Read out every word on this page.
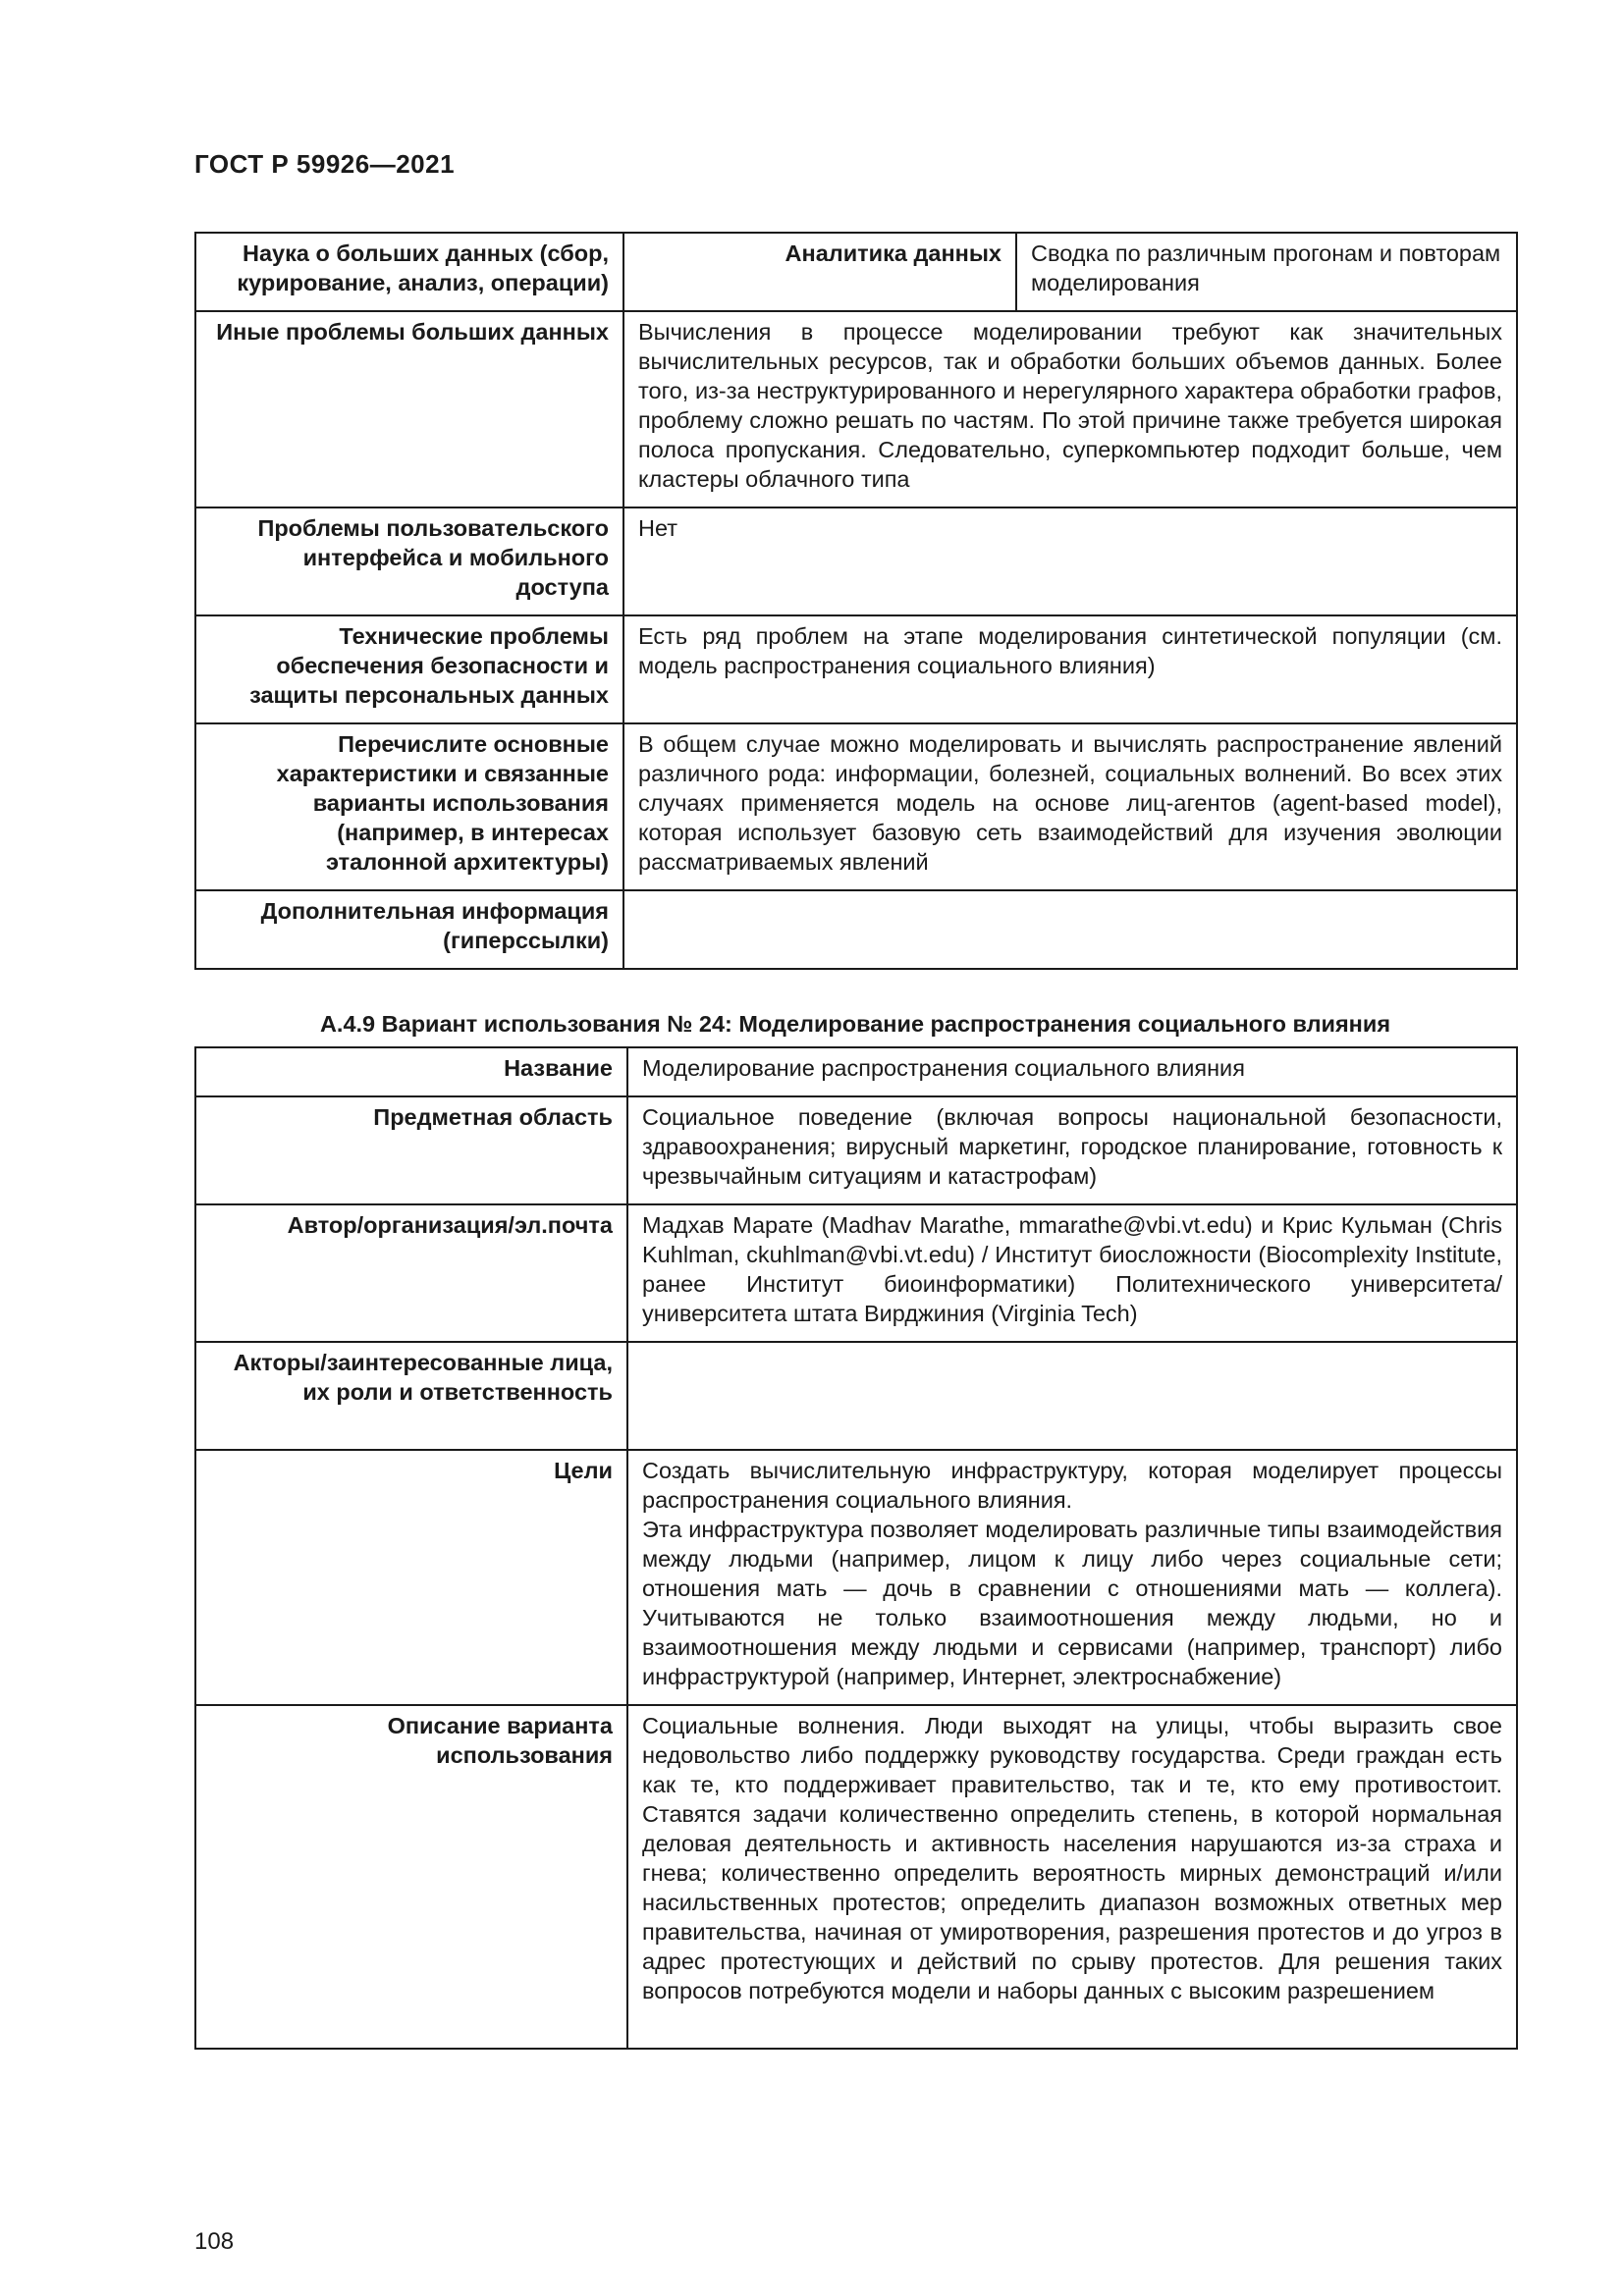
ГОСТ Р 59926—2021
Наука о больших данных (сбор, курирование, анализ, операции)	Аналитика данных	Сводка по различным прогонам и повторам моделирования
Иные проблемы больших данных	Вычисления в процессе моделировании требуют как значительных вычислительных ресурсов, так и обработки больших объемов данных. Более того, из-за неструктурированного и нерегулярного характера обработки графов, проблему сложно решать по частям. По этой причине также требуется широкая полоса пропускания. Следовательно, суперкомпьютер подходит больше, чем кластеры облачного типа	
Проблемы пользовательского интерфейса и мобильного доступа	Нет	
Технические проблемы обеспечения безопасности и защиты персональных данных	Есть ряд проблем на этапе моделирования синтетической популяции (см. модель распространения социального влияния)	
Перечислите основные характеристики и связанные варианты использования (например, в интересах эталонной архитектуры)	В общем случае можно моделировать и вычислять распространение явлений различного рода: информации, болезней, социальных волнений. Во всех этих случаях применяется модель на основе лиц-агентов (agent-based model), которая использует базовую сеть взаимодействий для изучения эволюции рассматриваемых явлений	
Дополнительная информация (гиперссылки)		
А.4.9 Вариант использования № 24: Моделирование распространения социального влияния
Название	Моделирование распространения социального влияния
Предметная область	Социальное поведение (включая вопросы национальной безопасности, здравоохранения; вирусный маркетинг, городское планирование, готовность к чрезвычайным ситуациям и катастрофам)
Автор/организация/эл.почта	Мадхав Марате (Madhav Marathe, mmarathe@vbi.vt.edu) и Крис Кульман (Chris Kuhlman, ckuhlman@vbi.vt.edu) / Институт биосложности (Biocomplexity Institute, ранее Институт биоинформатики) Политехнического университета/университета штата Вирджиния (Virginia Tech)
Акторы/заинтересованные лица, их роли и ответственность	
Цели	Создать вычислительную инфраструктуру, которая моделирует процессы распространения социального влияния.
Эта инфраструктура позволяет моделировать различные типы взаимодействия между людьми (например, лицом к лицу либо через социальные сети; отношения мать — дочь в сравнении с отношениями мать — коллега). Учитываются не только взаимоотношения между людьми, но и взаимоотношения между людьми и сервисами (например, транспорт) либо инфраструктурой (например, Интернет, электроснабжение)

Описание варианта использования	Социальные волнения. Люди выходят на улицы, чтобы выразить свое недовольство либо поддержку руководству государства. Среди граждан есть как те, кто поддерживает правительство, так и те, кто ему противостоит. Ставятся задачи количественно определить степень, в которой нормальная деловая деятельность и активность населения нарушаются из-за страха и гнева; количественно определить вероятность мирных демонстраций и/или насильственных протестов; определить диапазон возможных ответных мер правительства, начиная от умиротворения, разрешения протестов и до угроз в адрес протестующих и действий по срыву протестов. Для решения таких вопросов потребуются модели и наборы данных с высоким разрешением
108
